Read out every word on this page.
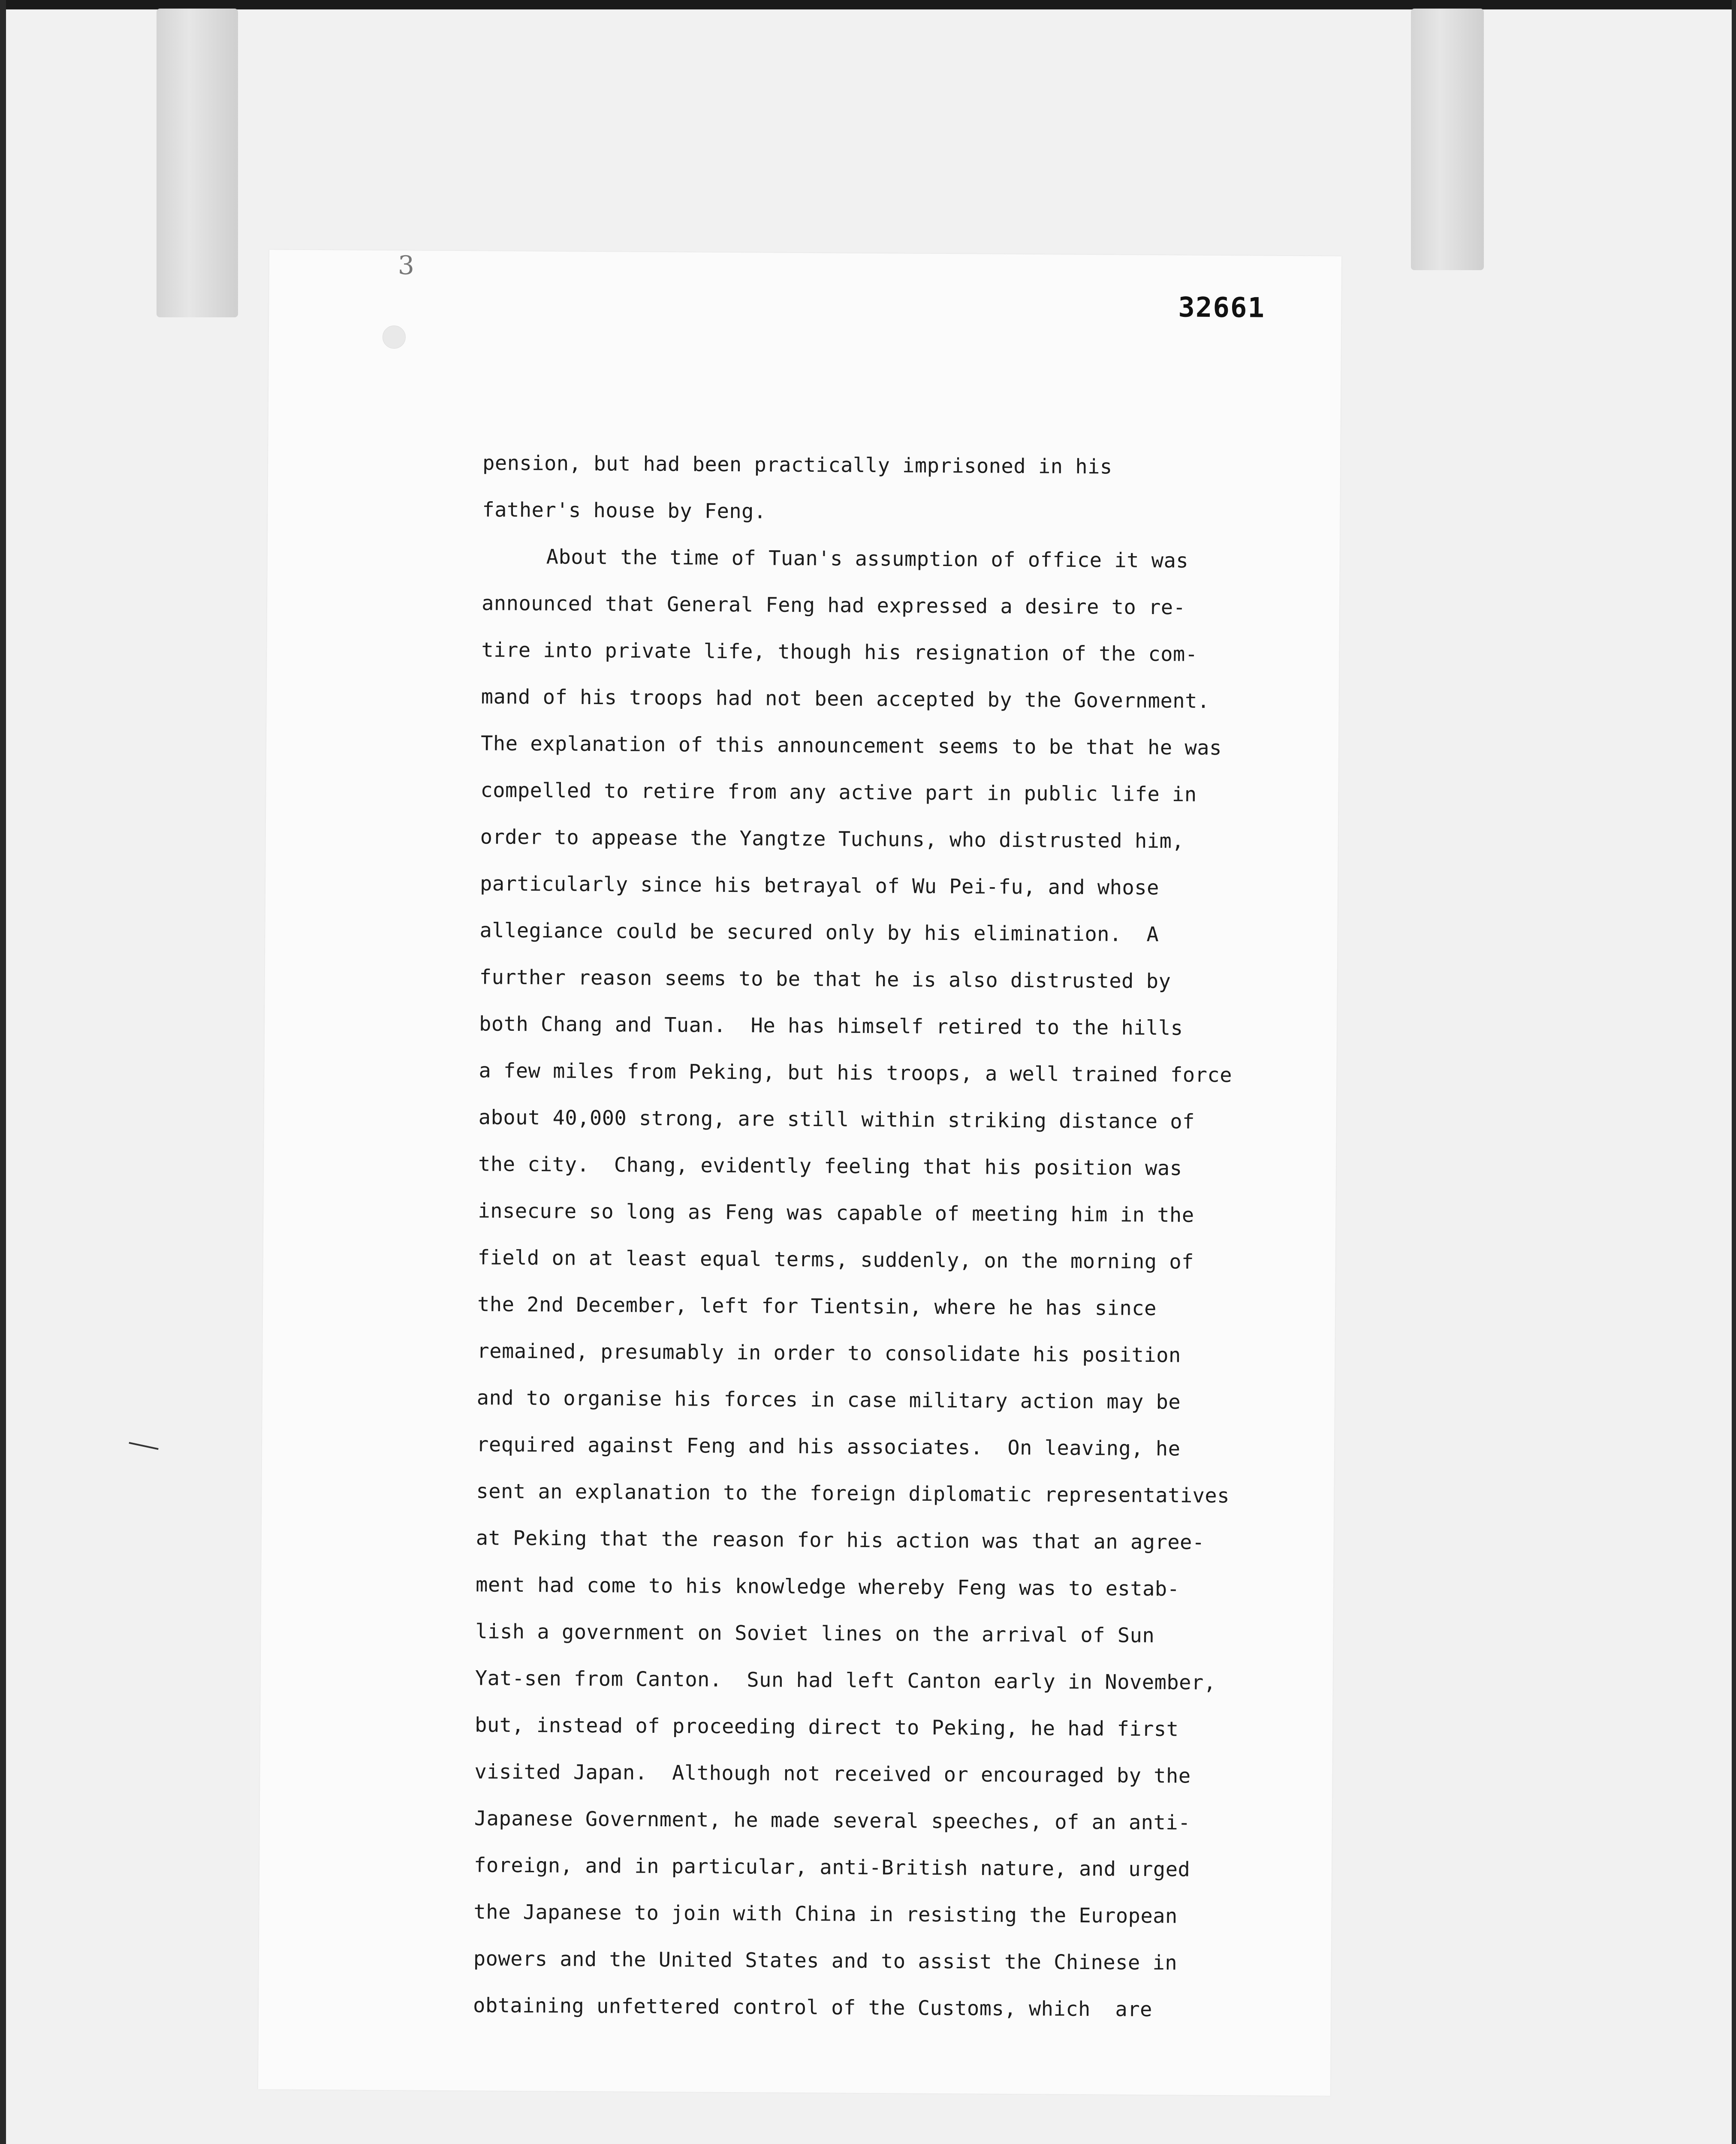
3
32661
pension, but had been practically imprisoned in his
father's house by Feng.
About the time of Tuan's assumption of office it was
announced that General Feng had expressed a desire to re-
tire into private life, though his resignation of the com-
mand of his troops had not been accepted by the Government.
The explanation of this announcement seems to be that he was
compelled to retire from any active part in public life in
order to appease the Yangtze Tuchuns, who distrusted him,
particularly since his betrayal of Wu Pei-fu, and whose
allegiance could be secured only by his elimination.  A
further reason seems to be that he is also distrusted by
both Chang and Tuan.  He has himself retired to the hills
a few miles from Peking, but his troops, a well trained force
about 40,000 strong, are still within striking distance of
the city.  Chang, evidently feeling that his position was
insecure so long as Feng was capable of meeting him in the
field on at least equal terms, suddenly, on the morning of
the 2nd December, left for Tientsin, where he has since
remained, presumably in order to consolidate his position
and to organise his forces in case military action may be
required against Feng and his associates.  On leaving, he
sent an explanation to the foreign diplomatic representatives
at Peking that the reason for his action was that an agree-
ment had come to his knowledge whereby Feng was to estab-
lish a government on Soviet lines on the arrival of Sun
Yat-sen from Canton.  Sun had left Canton early in November,
but, instead of proceeding direct to Peking, he had first
visited Japan.  Although not received or encouraged by the
Japanese Government, he made several speeches, of an anti-
foreign, and in particular, anti-British nature, and urged
the Japanese to join with China in resisting the European
powers and the United States and to assist the Chinese in
obtaining unfettered control of the Customs, which  are
